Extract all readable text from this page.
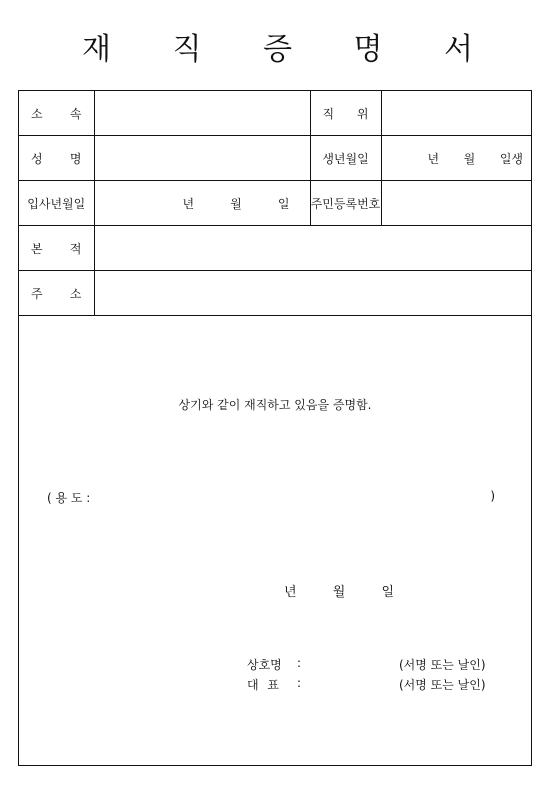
재 직 증 명 서
소 속		직 위	

성 명		생년월일	년 월 일생

입사년월일	년 월 일	주민등록번호	

본 적			

주 소			

상기와 같이 재직하고 있음을 증명함.
( 용 도 :	)
년	월	일
상호명	:	(서명 또는 날인)
대 표 :	(서명 또는 날인)
